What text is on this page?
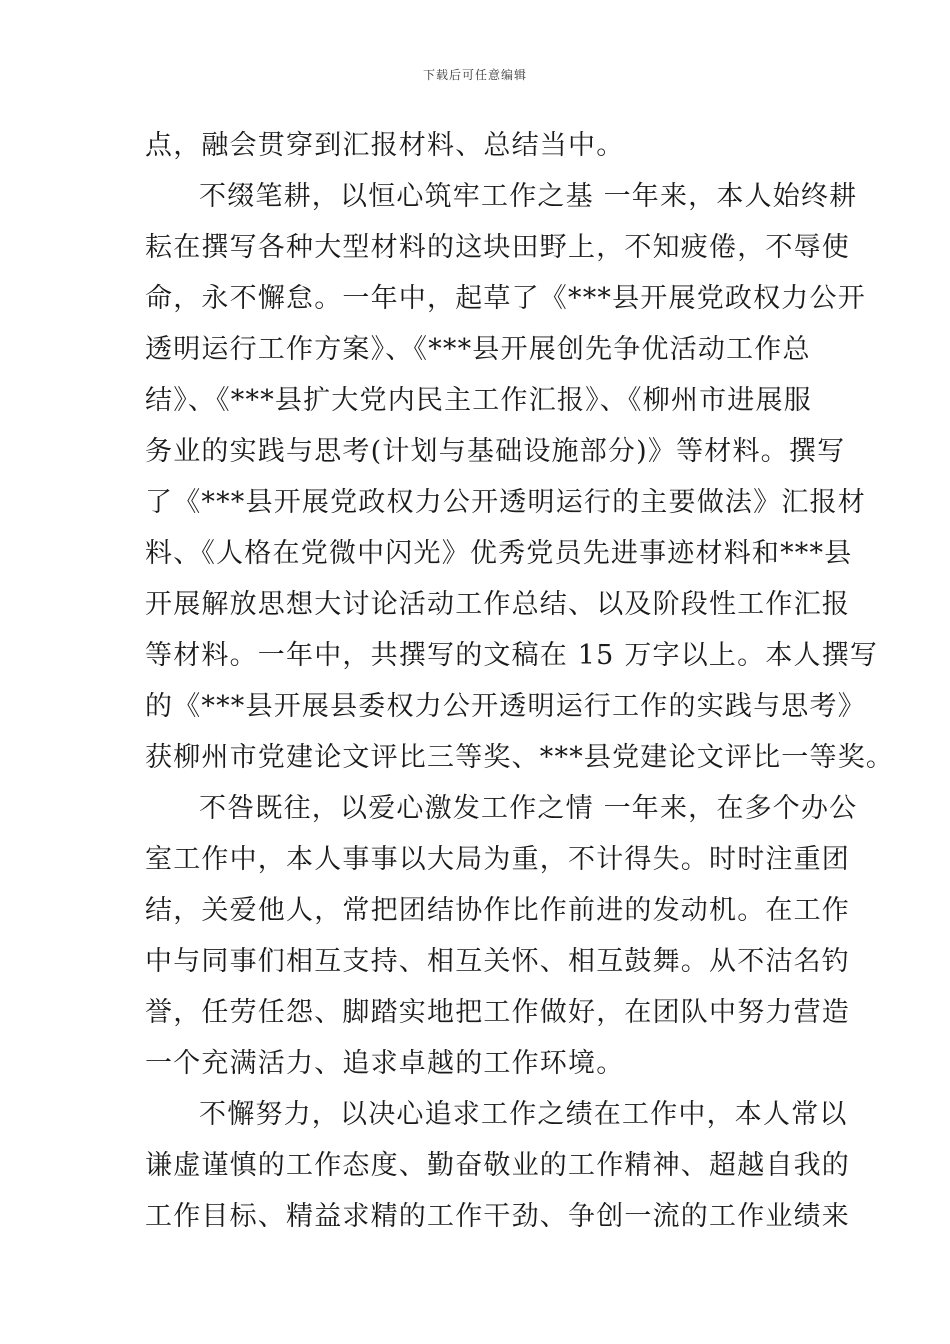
下载后可任意编辑
点，融会贯穿到汇报材料、总结当中。
不缀笔耕，以恒心筑牢工作之基 一年来，本人始终耕
耘在撰写各种大型材料的这块田野上，不知疲倦，不辱使
命，永不懈怠。一年中，起草了《***县开展党政权力公开
透明运行工作方案》、《***县开展创先争优活动工作总
结》、《***县扩大党内民主工作汇报》、《柳州市进展服
务业的实践与思考(计划与基础设施部分)》等材料。撰写
了《***县开展党政权力公开透明运行的主要做法》汇报材
料、《人格在党微中闪光》优秀党员先进事迹材料和***县
开展解放思想大讨论活动工作总结、以及阶段性工作汇报
等材料。一年中，共撰写的文稿在 15 万字以上。本人撰写
的《***县开展县委权力公开透明运行工作的实践与思考》
获柳州市党建论文评比三等奖、***县党建论文评比一等奖。
不咎既往，以爱心激发工作之情 一年来，在多个办公
室工作中，本人事事以大局为重，不计得失。时时注重团
结，关爱他人，常把团结协作比作前进的发动机。在工作
中与同事们相互支持、相互关怀、相互鼓舞。从不沽名钓
誉，任劳任怨、脚踏实地把工作做好，在团队中努力营造
一个充满活力、追求卓越的工作环境。
不懈努力，以决心追求工作之绩在工作中，本人常以
谦虚谨慎的工作态度、勤奋敬业的工作精神、超越自我的
工作目标、精益求精的工作干劲、争创一流的工作业绩来
